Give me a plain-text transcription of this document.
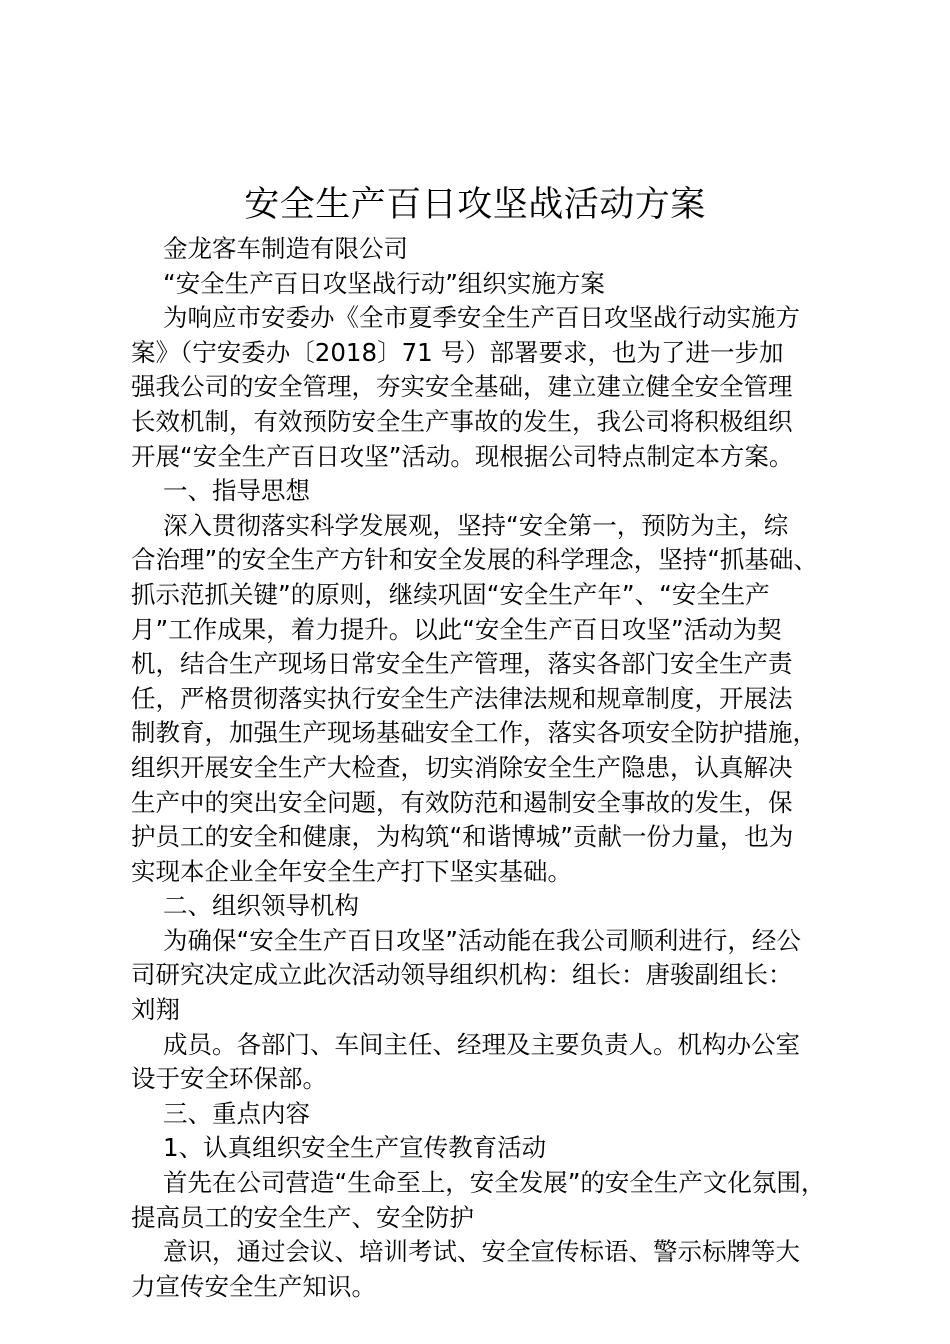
安全生产百日攻坚战活动方案
金龙客车制造有限公司
“安全生产百日攻坚战行动”组织实施方案
为响应市安委办《全市夏季安全生产百日攻坚战行动实施方
案》（宁安委办〔2018〕71 号）部署要求，也为了进一步加
强我公司的安全管理，夯实安全基础，建立建立健全安全管理
长效机制，有效预防安全生产事故的发生，我公司将积极组织
开展“安全生产百日攻坚”活动。现根据公司特点制定本方案。
一、指导思想
深入贯彻落实科学发展观，坚持“安全第一，预防为主，综
合治理”的安全生产方针和安全发展的科学理念，坚持“抓基础、
抓示范抓关键”的原则，继续巩固“安全生产年”、“安全生产
月”工作成果，着力提升。以此“安全生产百日攻坚”活动为契
机，结合生产现场日常安全生产管理，落实各部门安全生产责
任，严格贯彻落实执行安全生产法律法规和规章制度，开展法
制教育，加强生产现场基础安全工作，落实各项安全防护措施，
组织开展安全生产大检查，切实消除安全生产隐患，认真解决
生产中的突出安全问题，有效防范和遏制安全事故的发生，保
护员工的安全和健康，为构筑“和谐博城”贡献一份力量，也为
实现本企业全年安全生产打下坚实基础。
二、组织领导机构
为确保“安全生产百日攻坚”活动能在我公司顺利进行，经公
司研究决定成立此次活动领导组织机构：组长：唐骏副组长：
刘翔
成员。各部门、车间主任、经理及主要负责人。机构办公室
设于安全环保部。
三、重点内容
1、认真组织安全生产宣传教育活动
首先在公司营造“生命至上，安全发展”的安全生产文化氛围，
提高员工的安全生产、安全防护
意识，通过会议、培训考试、安全宣传标语、警示标牌等大
力宣传安全生产知识。
